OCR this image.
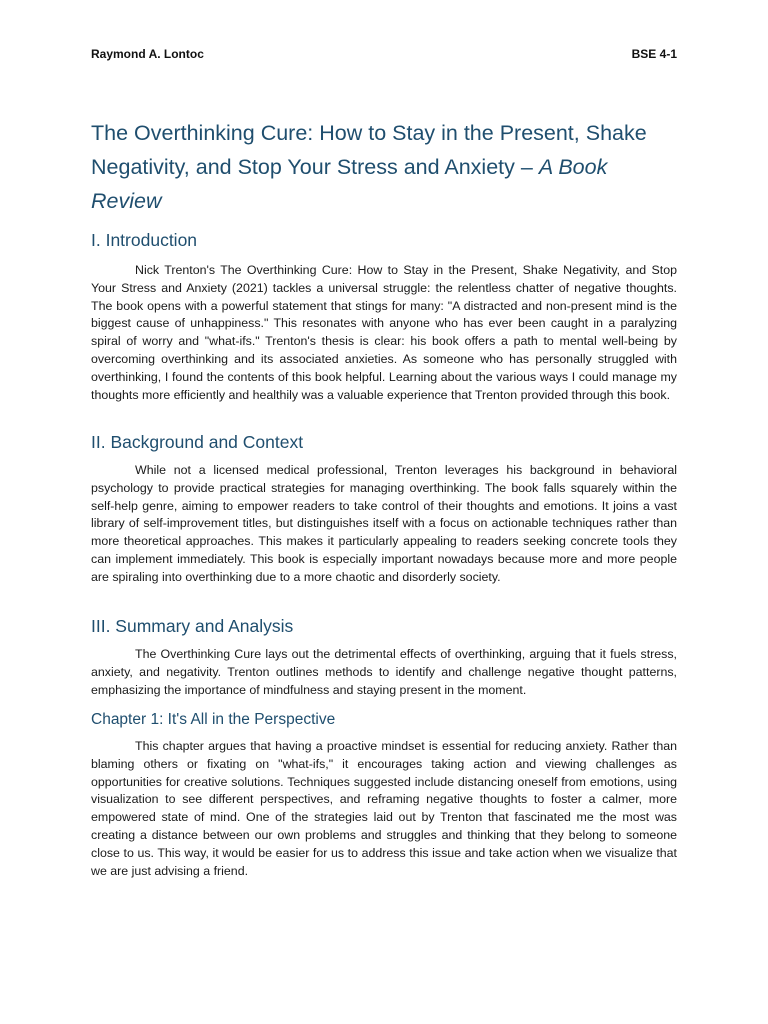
Raymond A. Lontoc	BSE 4-1
The Overthinking Cure: How to Stay in the Present, Shake Negativity, and Stop Your Stress and Anxiety – A Book Review
I. Introduction

Nick Trenton's The Overthinking Cure: How to Stay in the Present, Shake Negativity, and Stop Your Stress and Anxiety (2021) tackles a universal struggle: the relentless chatter of negative thoughts. The book opens with a powerful statement that stings for many: "A distracted and non-present mind is the biggest cause of unhappiness." This resonates with anyone who has ever been caught in a paralyzing spiral of worry and "what-ifs." Trenton's thesis is clear: his book offers a path to mental well-being by overcoming overthinking and its associated anxieties. As someone who has personally struggled with overthinking, I found the contents of this book helpful. Learning about the various ways I could manage my thoughts more efficiently and healthily was a valuable experience that Trenton provided through this book.

II. Background and Context

While not a licensed medical professional, Trenton leverages his background in behavioral psychology to provide practical strategies for managing overthinking. The book falls squarely within the self-help genre, aiming to empower readers to take control of their thoughts and emotions. It joins a vast library of self-improvement titles, but distinguishes itself with a focus on actionable techniques rather than more theoretical approaches. This makes it particularly appealing to readers seeking concrete tools they can implement immediately. This book is especially important nowadays because more and more people are spiraling into overthinking due to a more chaotic and disorderly society.

III. Summary and Analysis

The Overthinking Cure lays out the detrimental effects of overthinking, arguing that it fuels stress, anxiety, and negativity. Trenton outlines methods to identify and challenge negative thought patterns, emphasizing the importance of mindfulness and staying present in the moment.

Chapter 1: It's All in the Perspective

This chapter argues that having a proactive mindset is essential for reducing anxiety. Rather than blaming others or fixating on "what-ifs," it encourages taking action and viewing challenges as opportunities for creative solutions. Techniques suggested include distancing oneself from emotions, using visualization to see different perspectives, and reframing negative thoughts to foster a calmer, more empowered state of mind. One of the strategies laid out by Trenton that fascinated me the most was creating a distance between our own problems and struggles and thinking that they belong to someone close to us. This way, it would be easier for us to address this issue and take action when we visualize that we are just advising a friend.
